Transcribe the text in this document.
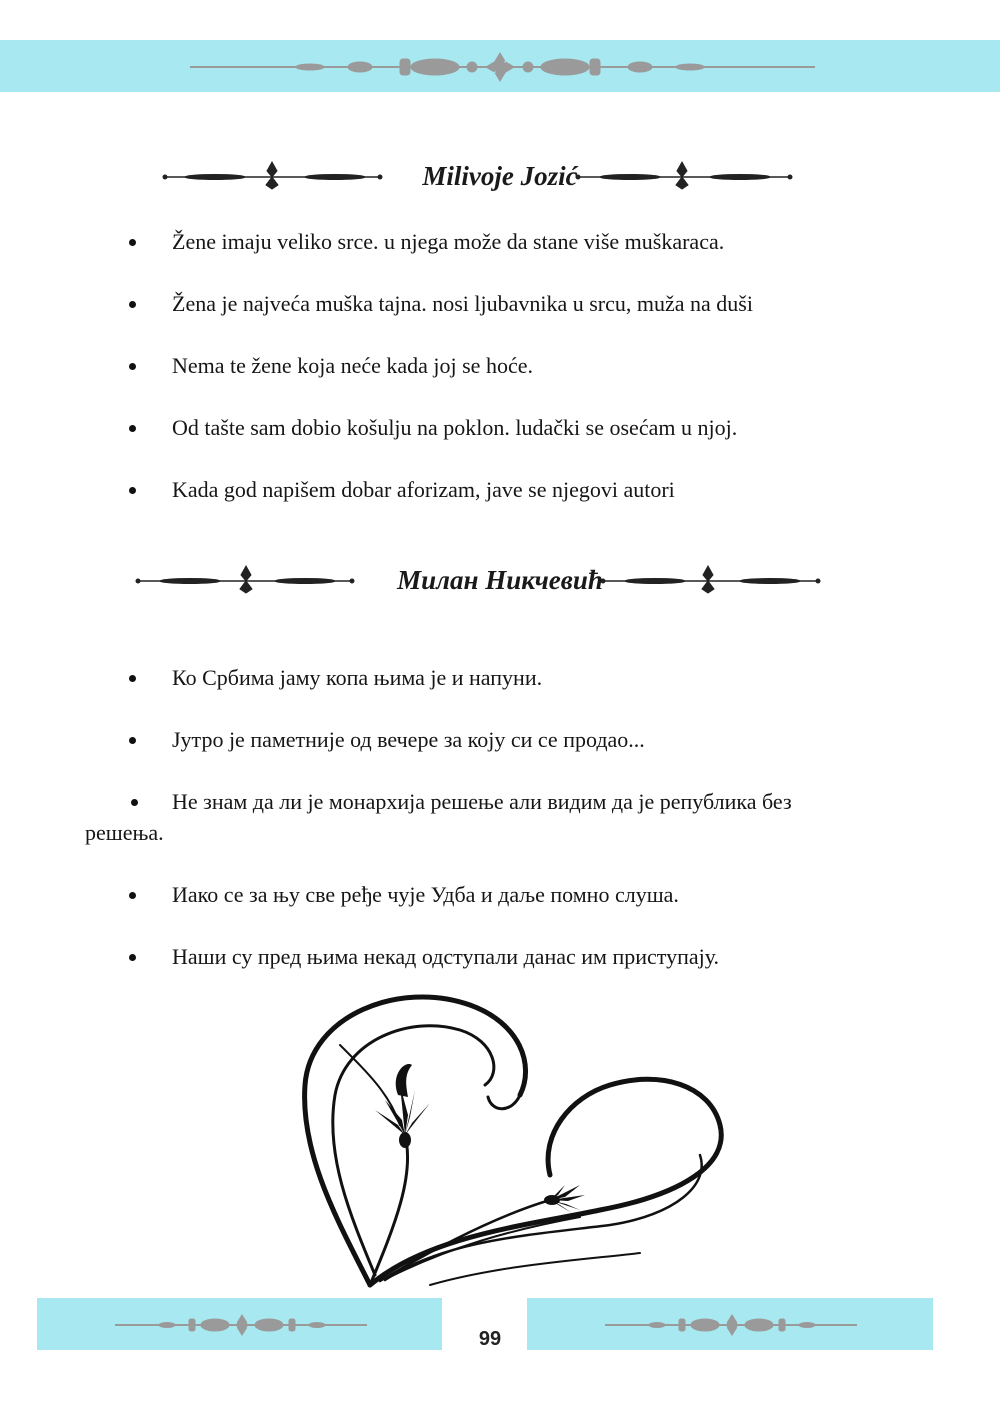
Milivoje Jozić
Žene imaju veliko srce. u njega može da stane više muškaraca.
Žena je najveća muška tajna. nosi ljubavnika u srcu, muža na duši
Nema te žene koja neće kada joj se hoće.
Od tašte sam dobio košulju na poklon. ludački se osećam u njoj.
Kada god napišem dobar aforizam, jave se njegovi autori
Милан Никчевић
Ко Србима јаму копа њима је и напуни.
Јутро је паметније од вечере за коју си се продао...
Не знам да ли је монархија решење али видим да је република без
решења.
Иако се за њу све ређе чује Удба и даље помно слуша.
Наши су пред њима некад одступали данас им приступају.
99
